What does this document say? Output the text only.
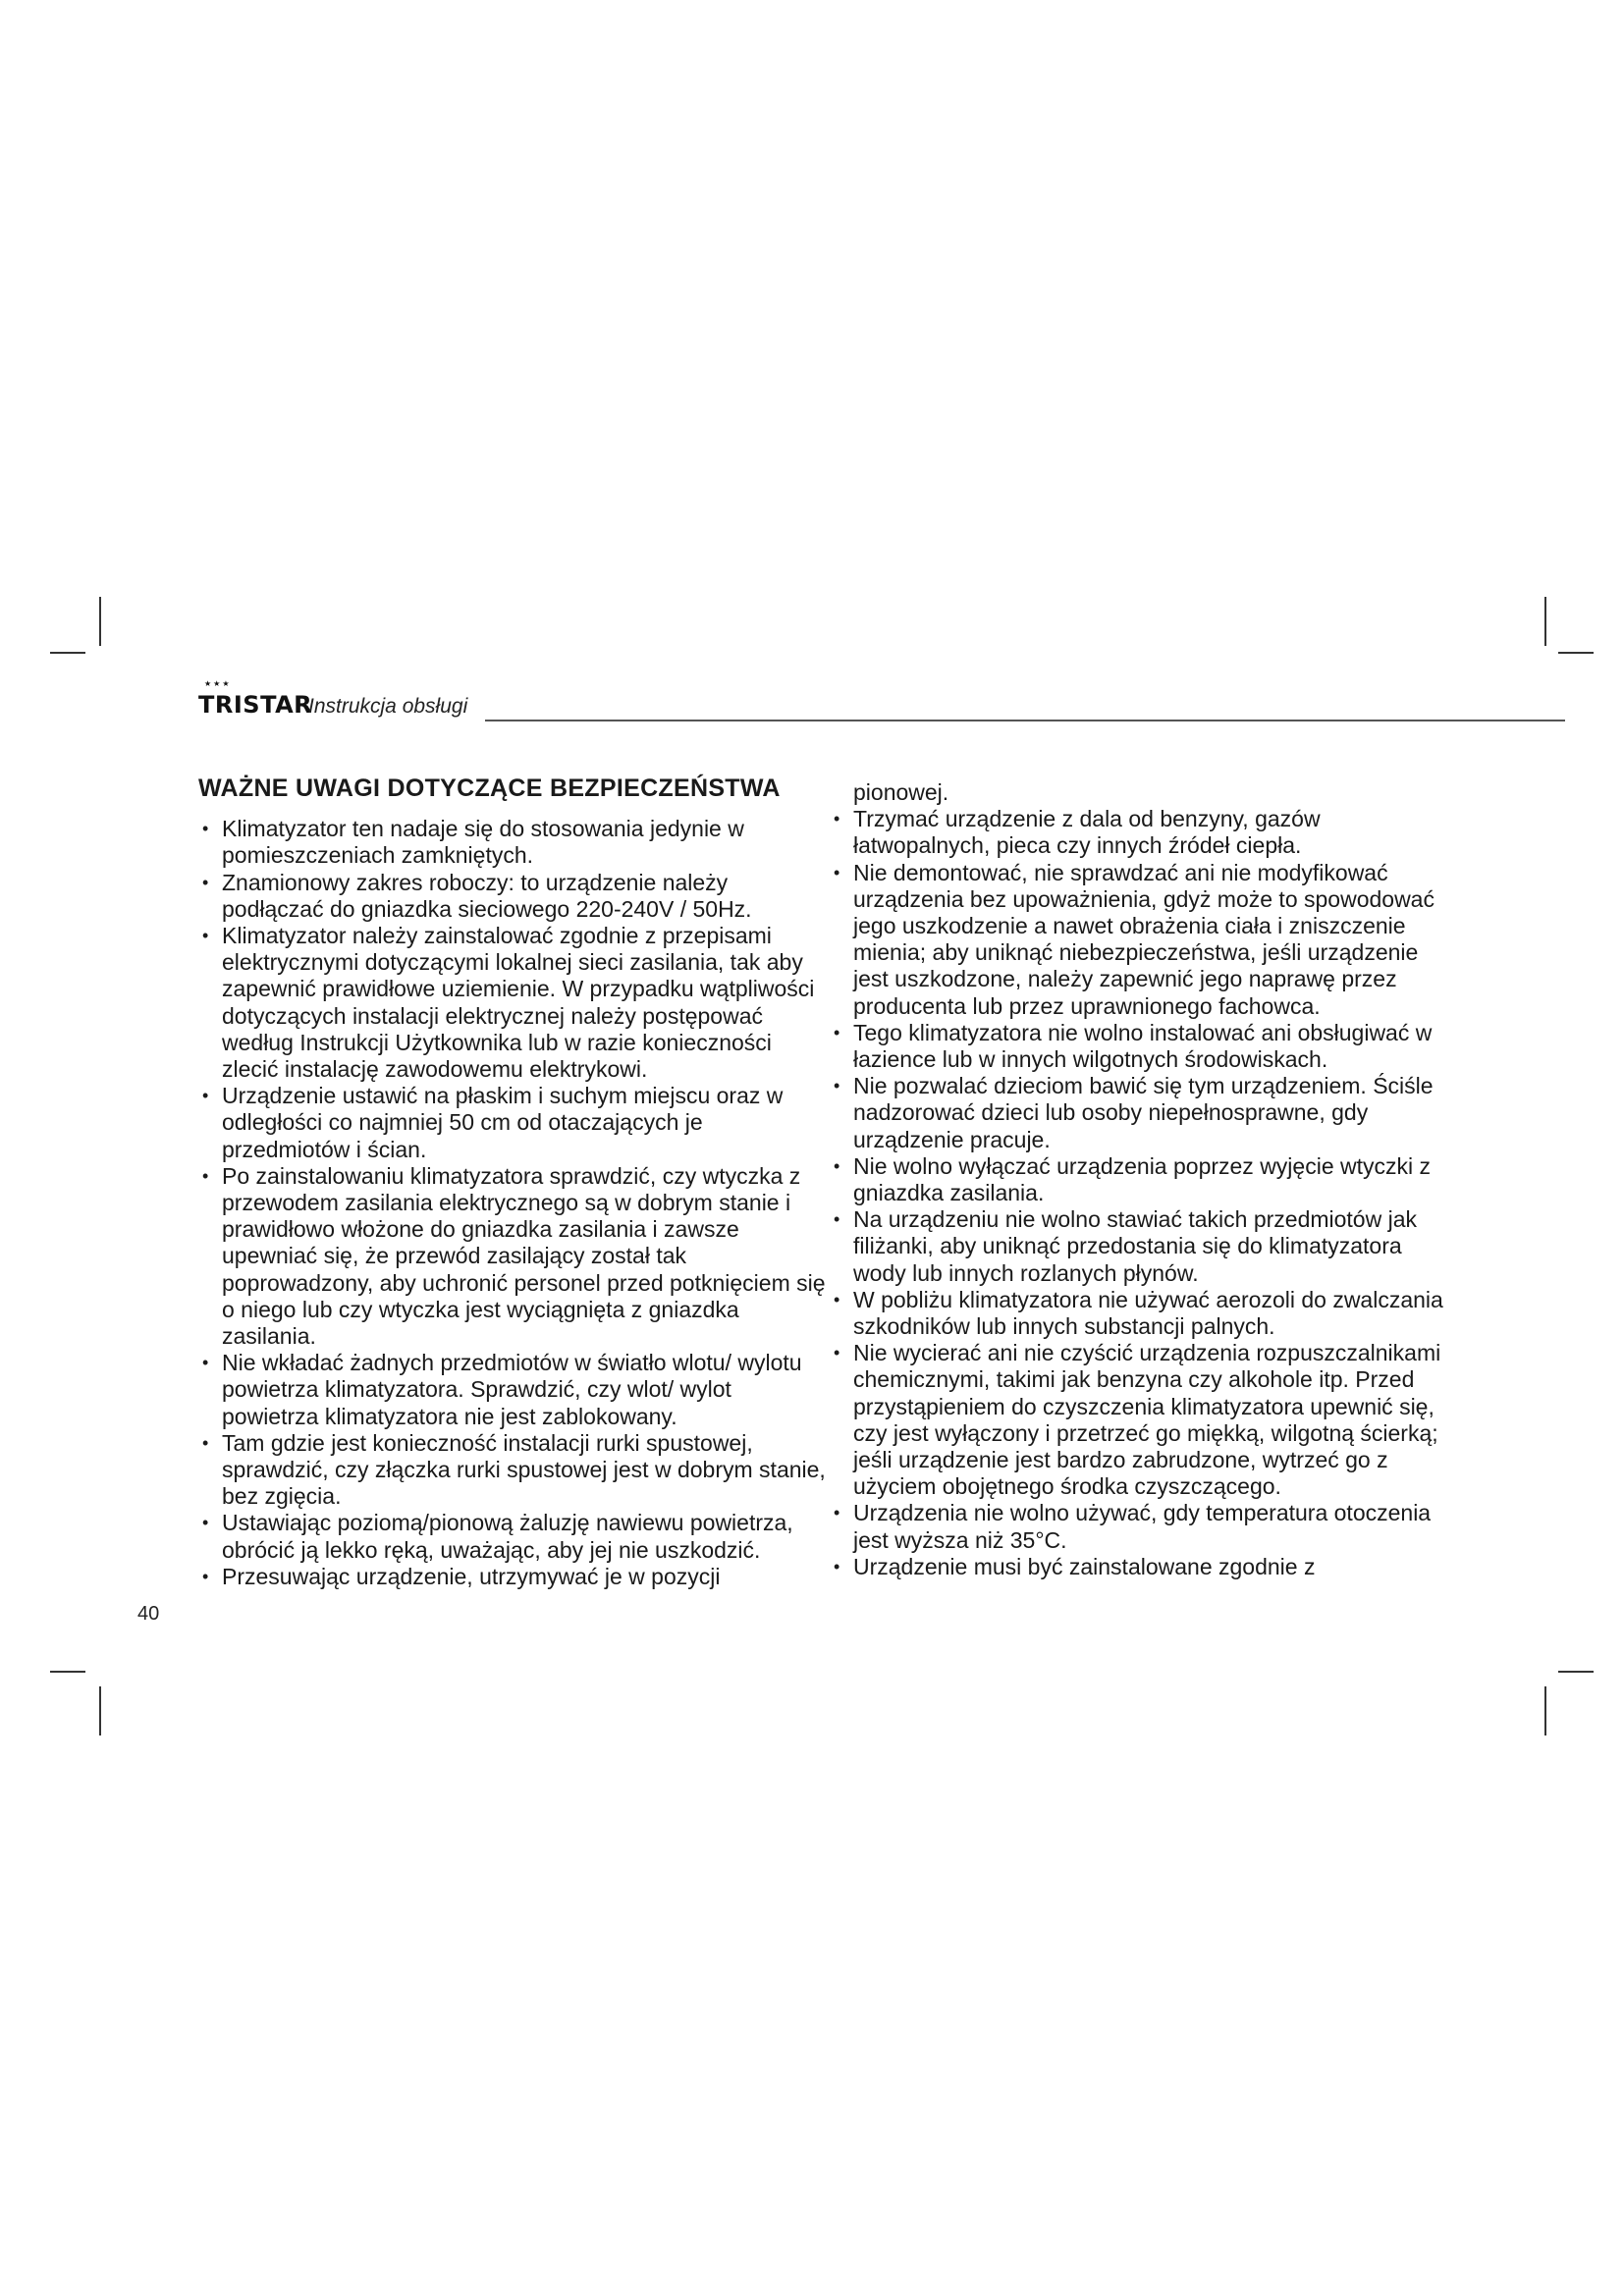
★★★
TRISTAR
Instrukcja obsługi
WAŻNE UWAGI DOTYCZĄCE BEZPIECZEŃSTWA
• Klimatyzator ten nadaje się do stosowania jedynie w pomieszczeniach zamkniętych.
• Znamionowy zakres roboczy: to urządzenie należy podłączać do gniazdka sieciowego 220-240V / 50Hz.
• Klimatyzator należy zainstalować zgodnie z przepisami elektrycznymi dotyczącymi lokalnej sieci zasilania, tak aby zapewnić prawidłowe uziemienie. W przypadku wątpliwości dotyczących instalacji elektrycznej należy postępować według Instrukcji Użytkownika lub w razie konieczności zlecić instalację zawodowemu elektrykowi.
• Urządzenie ustawić na płaskim i suchym miejscu oraz w odległości co najmniej 50 cm od otaczających je przedmiotów i ścian.
• Po zainstalowaniu klimatyzatora sprawdzić, czy wtyczka z przewodem zasilania elektrycznego są w dobrym stanie i prawidłowo włożone do gniazdka zasilania i zawsze upewniać się, że przewód zasilający został tak poprowadzony, aby uchronić personel przed potknięciem się o niego lub czy wtyczka jest wyciągnięta z gniazdka zasilania.
• Nie wkładać żadnych przedmiotów w światło wlotu/ wylotu powietrza klimatyzatora. Sprawdzić, czy wlot/ wylot powietrza klimatyzatora nie jest zablokowany.
• Tam gdzie jest konieczność instalacji rurki spustowej, sprawdzić, czy złączka rurki spustowej jest w dobrym stanie, bez zgięcia.
• Ustawiając poziomą/pionową żaluzję nawiewu powietrza, obrócić ją lekko ręką, uważając, aby jej nie uszkodzić.
• Przesuwając urządzenie, utrzymywać je w pozycji
pionowej.
• Trzymać urządzenie z dala od benzyny, gazów łatwopalnych, pieca czy innych źródeł ciepła.
• Nie demontować, nie sprawdzać ani nie modyfikować urządzenia bez upoważnienia, gdyż może to spowodować jego uszkodzenie a nawet obrażenia ciała i zniszczenie mienia; aby uniknąć niebezpieczeństwa, jeśli urządzenie jest uszkodzone, należy zapewnić jego naprawę przez producenta lub przez uprawnionego fachowca.
• Tego klimatyzatora nie wolno instalować ani obsługiwać w łazience lub w innych wilgotnych środowiskach.
• Nie pozwalać dzieciom bawić się tym urządzeniem. Ściśle nadzorować dzieci lub osoby niepełnosprawne, gdy urządzenie pracuje.
• Nie wolno wyłączać urządzenia poprzez wyjęcie wtyczki z gniazdka zasilania.
• Na urządzeniu nie wolno stawiać takich przedmiotów jak filiżanki, aby uniknąć przedostania się do klimatyzatora wody lub innych rozlanych płynów.
• W pobliżu klimatyzatora nie używać aerozoli do zwalczania szkodników lub innych substancji palnych.
• Nie wycierać ani nie czyścić urządzenia rozpuszczalnikami chemicznymi, takimi jak benzyna czy alkohole itp. Przed przystąpieniem do czyszczenia klimatyzatora upewnić się, czy jest wyłączony i przetrzeć go miękką, wilgotną ścierką; jeśli urządzenie jest bardzo zabrudzone, wytrzeć go z użyciem obojętnego środka czyszczącego.
• Urządzenia nie wolno używać, gdy temperatura otoczenia jest wyższa niż 35°C.
• Urządzenie musi być zainstalowane zgodnie z
40
